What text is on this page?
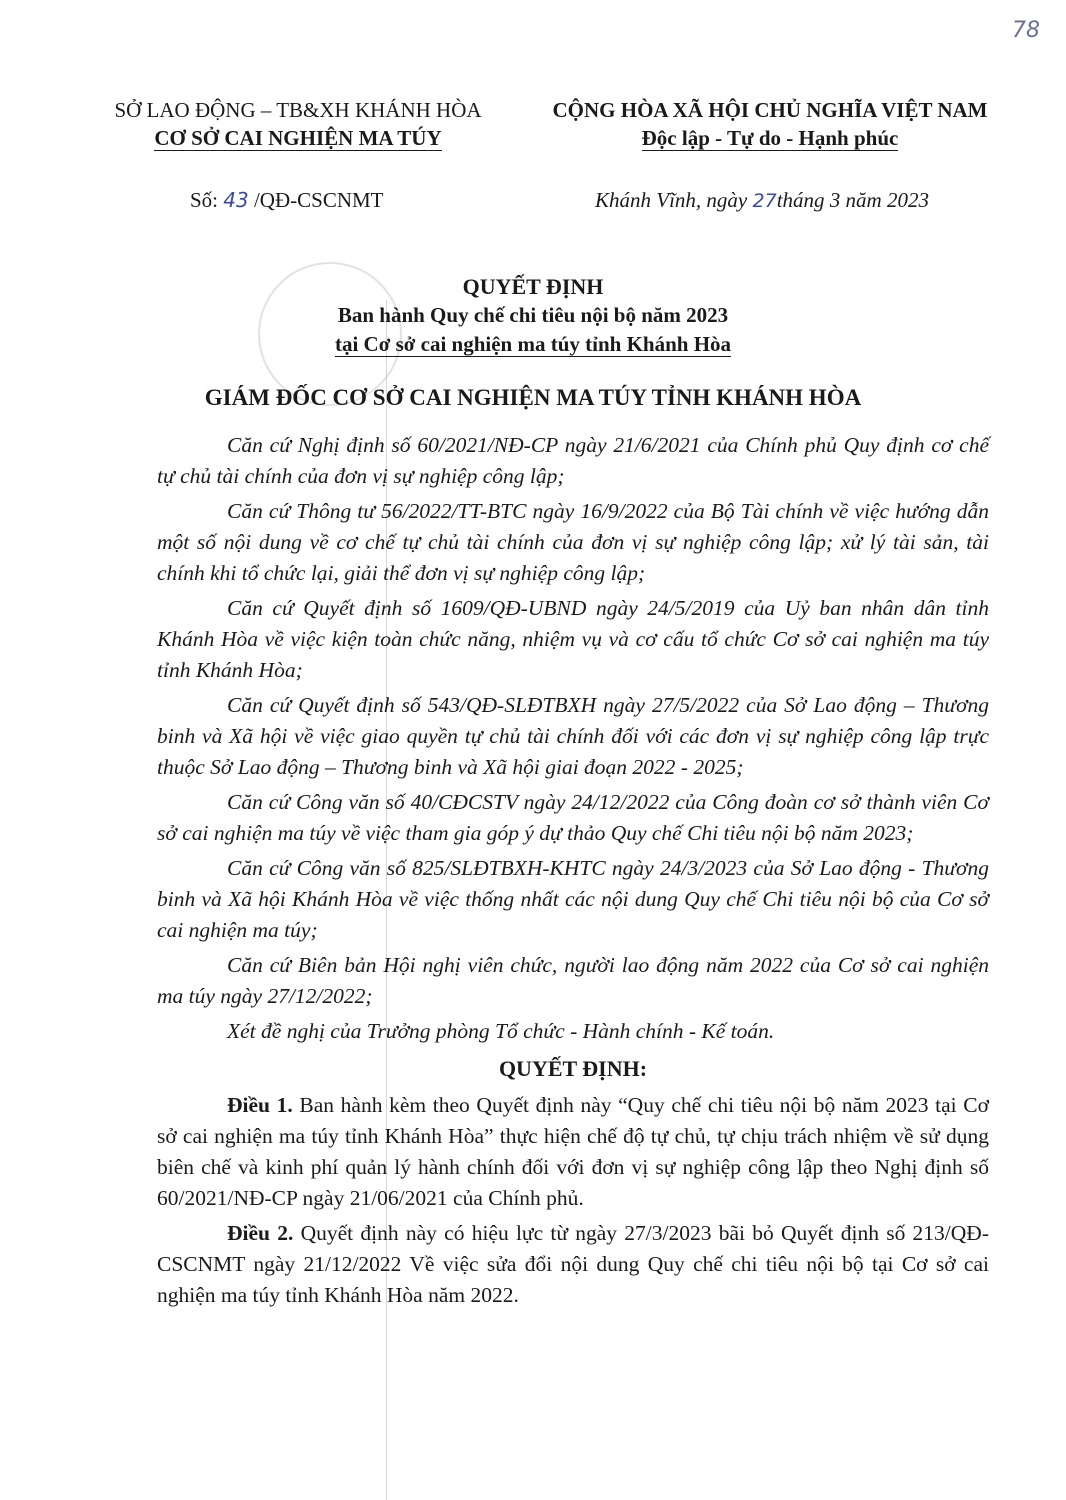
78
SỞ LAO ĐỘNG – TB&XH KHÁNH HÒA
CƠ SỞ CAI NGHIỆN MA TÚY
CỘNG HÒA XÃ HỘI CHỦ NGHĨA VIỆT NAM
Độc lập - Tự do - Hạnh phúc
Số: 43 /QĐ-CSCNMT	Khánh Vĩnh, ngày 27tháng 3 năm 2023
QUYẾT ĐỊNH
Ban hành Quy chế chi tiêu nội bộ năm 2023
tại Cơ sở cai nghiện ma túy tỉnh Khánh Hòa
GIÁM ĐỐC CƠ SỞ CAI NGHIỆN MA TÚY TỈNH KHÁNH HÒA

Căn cứ Nghị định số 60/2021/NĐ-CP ngày 21/6/2021 của Chính phủ Quy định cơ chế tự chủ tài chính của đơn vị sự nghiệp công lập;

Căn cứ Thông tư 56/2022/TT-BTC ngày 16/9/2022 của Bộ Tài chính về việc hướng dẫn một số nội dung về cơ chế tự chủ tài chính của đơn vị sự nghiệp công lập; xử lý tài sản, tài chính khi tổ chức lại, giải thể đơn vị sự nghiệp công lập;

Căn cứ Quyết định số 1609/QĐ-UBND ngày 24/5/2019 của Uỷ ban nhân dân tỉnh Khánh Hòa về việc kiện toàn chức năng, nhiệm vụ và cơ cấu tổ chức Cơ sở cai nghiện ma túy tỉnh Khánh Hòa;

Căn cứ Quyết định số 543/QĐ-SLĐTBXH ngày 27/5/2022 của Sở Lao động – Thương binh và Xã hội về việc giao quyền tự chủ tài chính đối với các đơn vị sự nghiệp công lập trực thuộc Sở Lao động – Thương binh và Xã hội giai đoạn 2022 - 2025;

Căn cứ Công văn số 40/CĐCSTV ngày 24/12/2022 của Công đoàn cơ sở thành viên Cơ sở cai nghiện ma túy về việc tham gia góp ý dự thảo Quy chế Chi tiêu nội bộ năm 2023;

Căn cứ Công văn số 825/SLĐTBXH-KHTC ngày 24/3/2023 của Sở Lao động - Thương binh và Xã hội Khánh Hòa về việc thống nhất các nội dung Quy chế Chi tiêu nội bộ của Cơ sở cai nghiện ma túy;

Căn cứ Biên bản Hội nghị viên chức, người lao động năm 2022 của Cơ sở cai nghiện ma túy ngày 27/12/2022;

Xét đề nghị của Trưởng phòng Tổ chức - Hành chính - Kế toán.

QUYẾT ĐỊNH:

Điều 1. Ban hành kèm theo Quyết định này “Quy chế chi tiêu nội bộ năm 2023 tại Cơ sở cai nghiện ma túy tỉnh Khánh Hòa” thực hiện chế độ tự chủ, tự chịu trách nhiệm về sử dụng biên chế và kinh phí quản lý hành chính đối với đơn vị sự nghiệp công lập theo Nghị định số 60/2021/NĐ-CP ngày 21/06/2021 của Chính phủ.

Điều 2. Quyết định này có hiệu lực từ ngày 27/3/2023 bãi bỏ Quyết định số 213/QĐ-CSCNMT ngày 21/12/2022 Về việc sửa đổi nội dung Quy chế chi tiêu nội bộ tại Cơ sở cai nghiện ma túy tỉnh Khánh Hòa năm 2022.
